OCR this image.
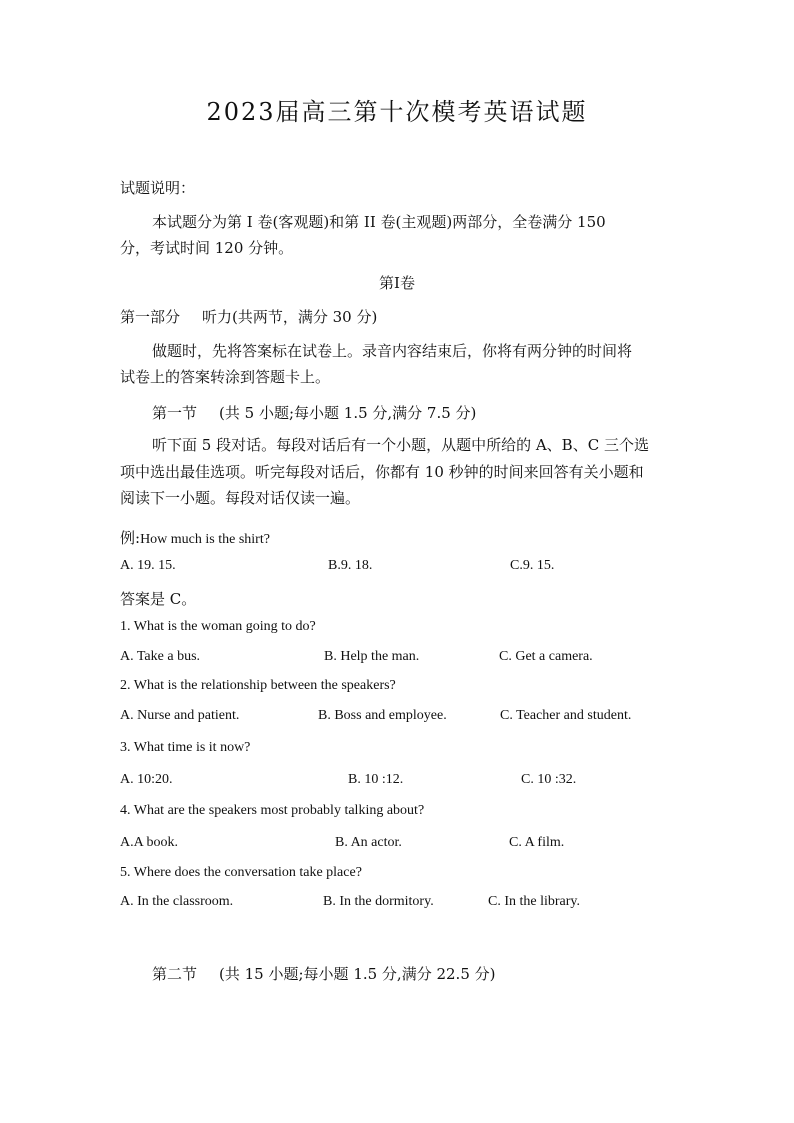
2023届高三第十次模考英语试题
试题说明：
本试题分为第 I 卷(客观题)和第 II 卷(主观题)两部分，全卷满分 150
分，考试时间 120 分钟。
第I卷
第一部分 听力(共两节，满分 30 分)
做题时，先将答案标在试卷上。录音内容结束后，你将有两分钟的时间将
试卷上的答案转涂到答题卡上。
第一节 (共 5 小题;每小题 1.5 分,满分 7.5 分)
听下面 5 段对话。每段对话后有一个小题，从题中所给的 A、B、C 三个选
项中选出最佳选项。听完每段对话后，你都有 10 秒钟的时间来回答有关小题和
阅读下一小题。每段对话仅读一遍。
例:How much is the shirt?
A. 19. 15.	B.9. 18.	C.9. 15.
答案是 C。
1. What is the woman going to do?
A. Take a bus.	B. Help the man.	C. Get a camera.
2. What is the relationship between the speakers?
A. Nurse and patient.	B. Boss and employee.	C. Teacher and student.
3. What time is it now?
A. 10:20.	B. 10 :12.	C. 10 :32.
4. What are the speakers most probably talking about?
A.A book.	B. An actor.	C. A film.
5. Where does the conversation take place?
A. In the classroom.	B. In the dormitory.	C. In the library.
第二节 (共 15 小题;每小题 1.5 分,满分 22.5 分)
